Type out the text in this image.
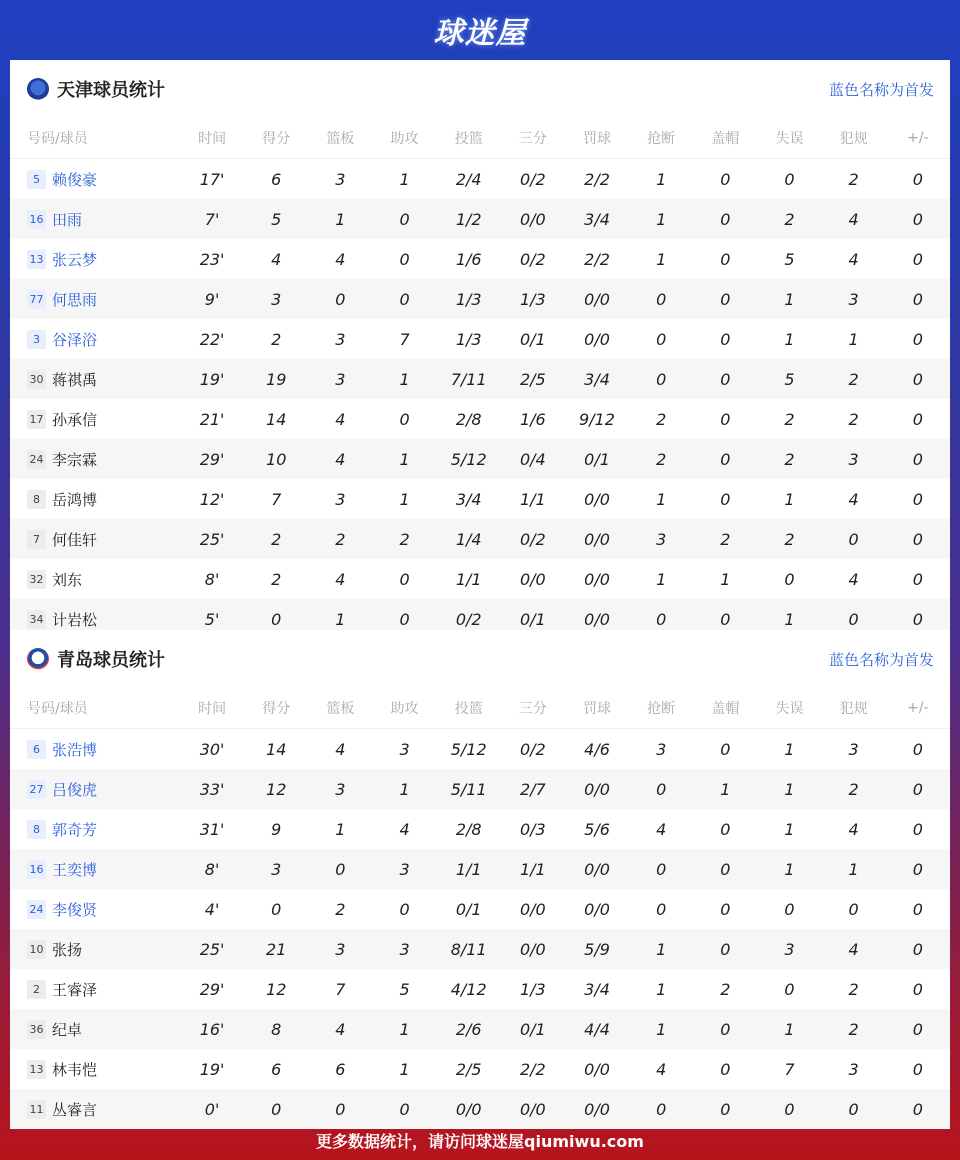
球迷屋
天津球员统计	蓝色名称为首发
号码/球员	时间	得分	篮板	助攻	投篮	三分	罚球	抢断	盖帽	失误	犯规	+/-
5 赖俊豪	17'	6	3	1	2/4	0/2	2/2	1	0	0	2	0
16 田雨	7'	5	1	0	1/2	0/0	3/4	1	0	2	4	0
13 张云梦	23'	4	4	0	1/6	0/2	2/2	1	0	5	4	0
77 何思雨	9'	3	0	0	1/3	1/3	0/0	0	0	1	3	0
3 谷泽浴	22'	2	3	7	1/3	0/1	0/0	0	0	1	1	0
30 蒋祺禹	19'	19	3	1	7/11	2/5	3/4	0	0	5	2	0
17 孙承信	21'	14	4	0	2/8	1/6	9/12	2	0	2	2	0
24 李宗霖	29'	10	4	1	5/12	0/4	0/1	2	0	2	3	0
8 岳鸿博	12'	7	3	1	3/4	1/1	0/0	1	0	1	4	0
7 何佳轩	25'	2	2	2	1/4	0/2	0/0	3	2	2	0	0
32 刘东	8'	2	4	0	1/1	0/0	0/0	1	1	0	4	0
34 计岩松	5'	0	1	0	0/2	0/1	0/0	0	0	1	0	0
青岛球员统计	蓝色名称为首发
号码/球员	时间	得分	篮板	助攻	投篮	三分	罚球	抢断	盖帽	失误	犯规	+/-
6 张浩博	30'	14	4	3	5/12	0/2	4/6	3	0	1	3	0
27 吕俊虎	33'	12	3	1	5/11	2/7	0/0	0	1	1	2	0
8 郭奇芳	31'	9	1	4	2/8	0/3	5/6	4	0	1	4	0
16 王奕博	8'	3	0	3	1/1	1/1	0/0	0	0	1	1	0
24 李俊贤	4'	0	2	0	0/1	0/0	0/0	0	0	0	0	0
10 张扬	25'	21	3	3	8/11	0/0	5/9	1	0	3	4	0
2 王睿泽	29'	12	7	5	4/12	1/3	3/4	1	2	0	2	0
36 纪卓	16'	8	4	1	2/6	0/1	4/4	1	0	1	2	0
13 林韦恺	19'	6	6	1	2/5	2/2	0/0	4	0	7	3	0
11 丛睿言	0'	0	0	0	0/0	0/0	0/0	0	0	0	0	0
更多数据统计，请访问球迷屋qiumiwu.com
